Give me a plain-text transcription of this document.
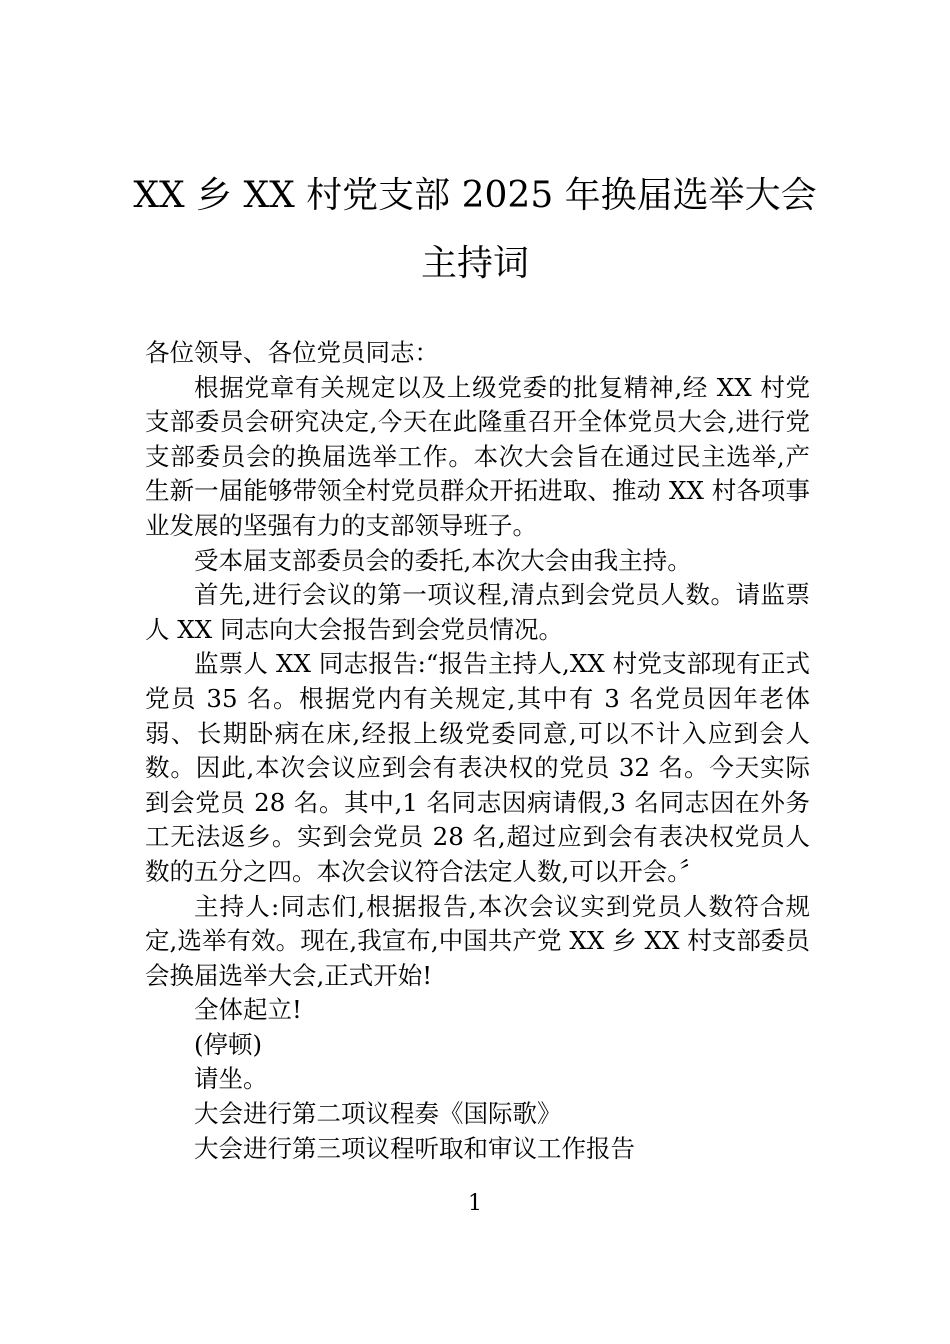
XX 乡 XX 村党支部 2025 年换届选举大会
主持词

各位领导、各位党员同志：

根据党章有关规定以及上级党委的批复精神,经 XX 村党支部委员会研究决定,今天在此隆重召开全体党员大会,进行党支部委员会的换届选举工作。本次大会旨在通过民主选举,产生新一届能够带领全村党员群众开拓进取、推动 XX 村各项事业发展的坚强有力的支部领导班子。

受本届支部委员会的委托,本次大会由我主持。

首先,进行会议的第一项议程,清点到会党员人数。请监票人 XX 同志向大会报告到会党员情况。

监票人 XX 同志报告:“报告主持人,XX 村党支部现有正式党员 35 名。根据党内有关规定,其中有 3 名党员因年老体弱、长期卧病在床,经报上级党委同意,可以不计入应到会人数。因此,本次会议应到会有表决权的党员 32 名。今天实际到会党员 28 名。其中,1 名同志因病请假,3 名同志因在外务工无法返乡。实到会党员 28 名,超过应到会有表决权党员人数的五分之四。本次会议符合法定人数,可以开会。〞

主持人:同志们,根据报告,本次会议实到党员人数符合规定,选举有效。现在,我宣布,中国共产党 XX 乡 XX 村支部委员会换届选举大会,正式开始!

全体起立!

(停顿)

请坐。

大会进行第二项议程奏《国际歌》

大会进行第三项议程听取和审议工作报告

1
